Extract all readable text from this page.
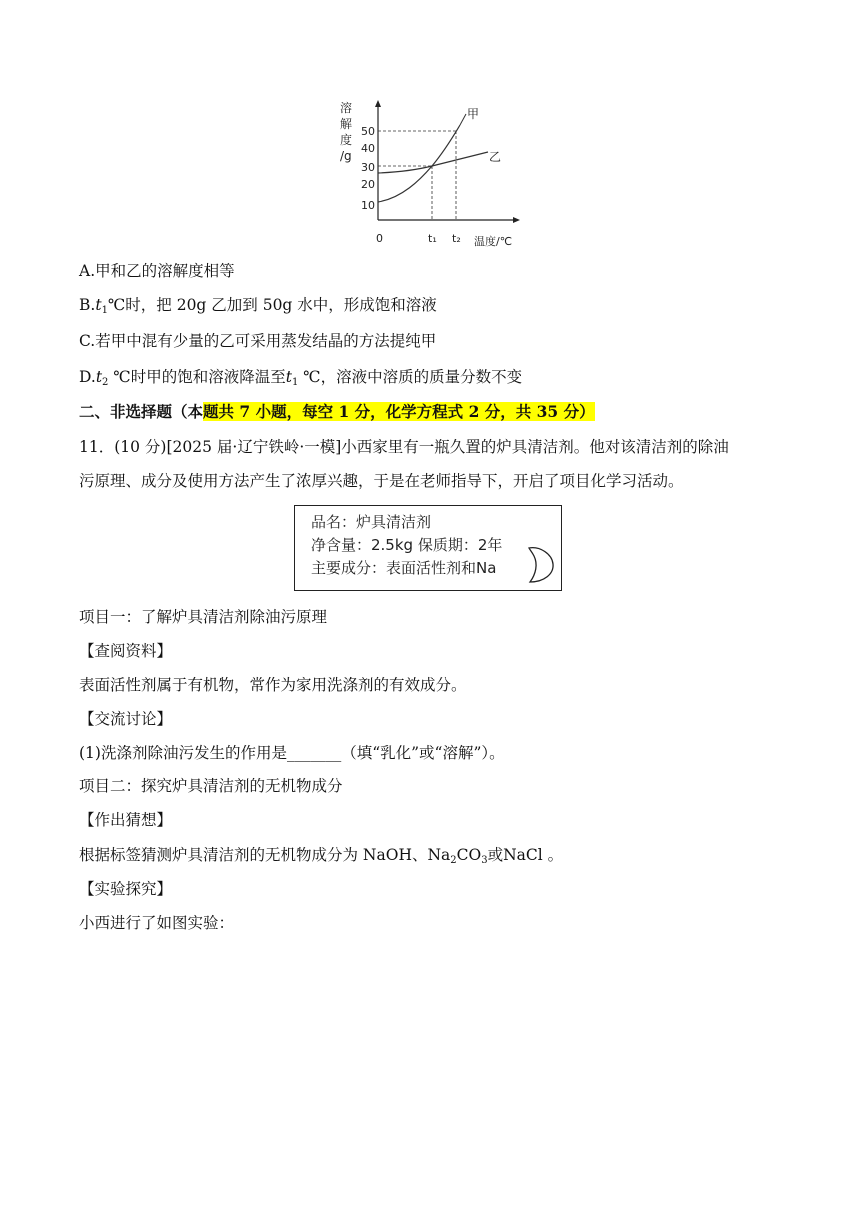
溶
解
度
/g
50
40
30
20
10
0
甲
乙
t₁ t₂ 温度/℃
A.甲和乙的溶解度相等
$B.t_1℃$时，把 20g 乙加到 50g 水中，形成饱和溶液
C.若甲中混有少量的乙可采用蒸发结晶的方法提纯甲
$D.t_2$ ℃时甲的饱和溶液降温至$t_1$ ℃，溶液中溶质的质量分数不变
二、非选择题（本题共 7 小题，每空 1 分，化学方程式 2 分，共 35 分）
11．(10 分)[2025 届·辽宁铁岭·一模]小西家里有一瓶久置的炉具清洁剂。他对该清洁剂的除油
污原理、成分及使用方法产生了浓厚兴趣，于是在老师指导下，开启了项目化学习活动。
品名：炉具清洁剂
净含量：2.5kg 保质期：2年
主要成分：表面活性剂和Na
项目一：了解炉具清洁剂除油污原理
【查阅资料】
表面活性剂属于有机物，常作为家用洗涤剂的有效成分。
【交流讨论】
(1)洗涤剂除油污发生的作用是_______（填“乳化”或“溶解”）。
项目二：探究炉具清洁剂的无机物成分
【作出猜想】
根据标签猜测炉具清洁剂的无机物成分为 NaOH、$Na_2CO_3$或NaCl 。
【实验探究】
小西进行了如图实验：
